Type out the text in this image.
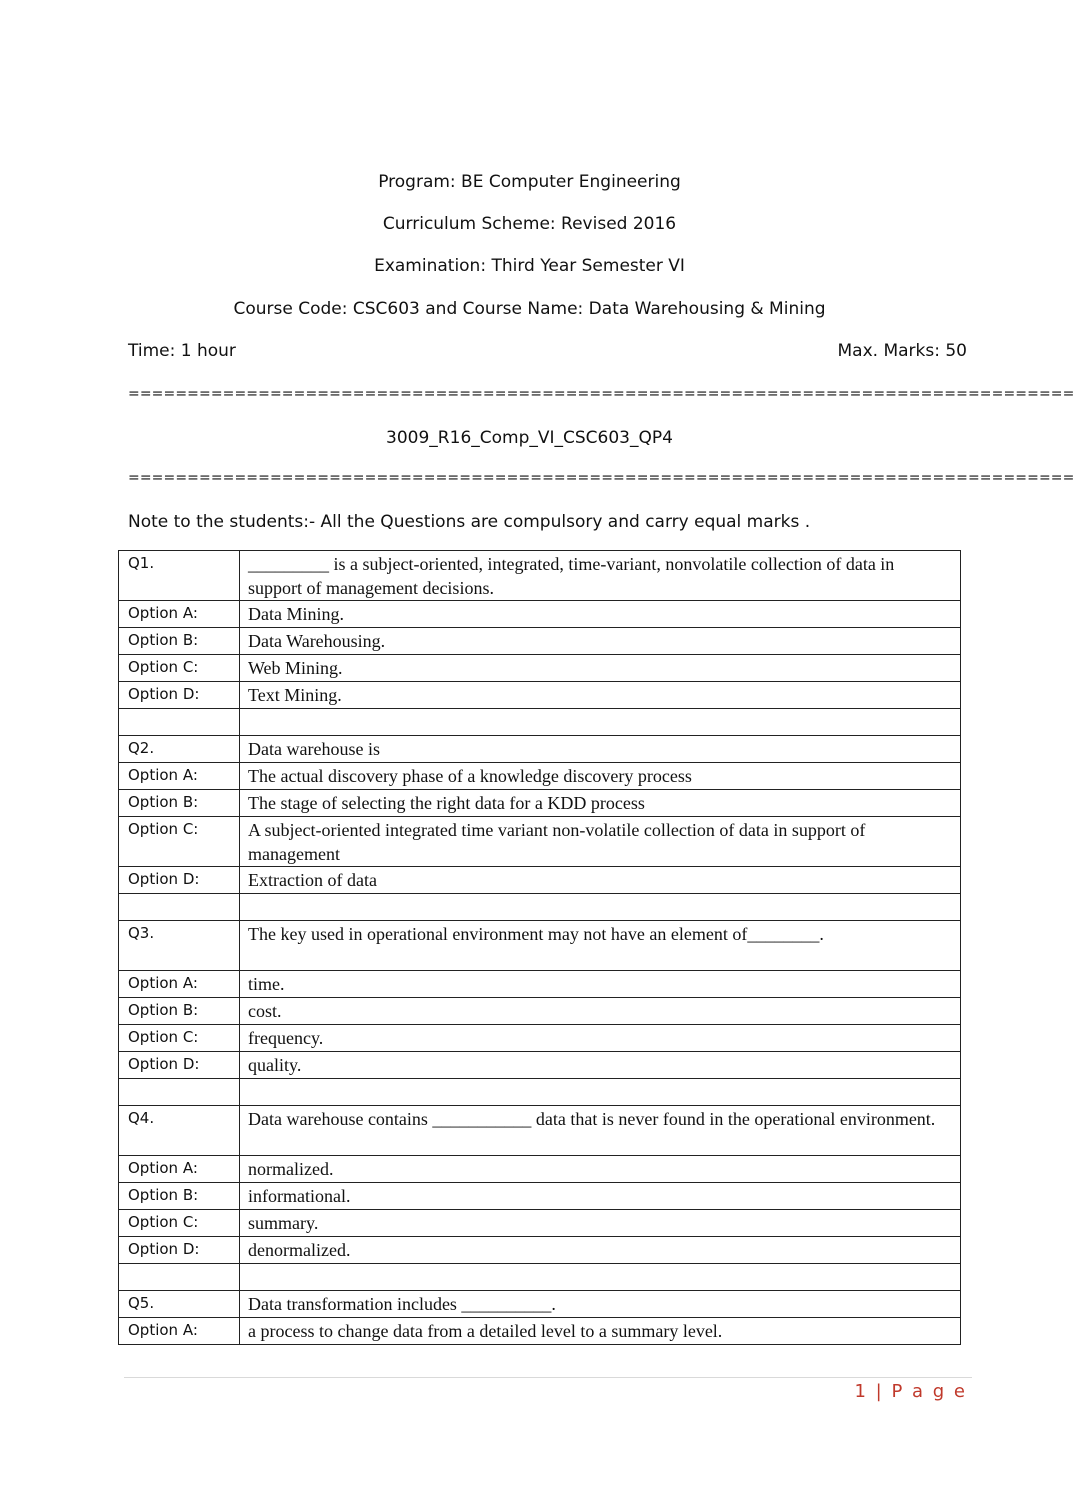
Program: BE Computer Engineering
Curriculum Scheme: Revised 2016
Examination: Third Year Semester VI
Course Code: CSC603 and Course Name: Data Warehousing & Mining
Time: 1 hour	Max. Marks: 50
================================================================================
3009_R16_Comp_VI_CSC603_QP4
================================================================================
Note to the students:- All the Questions are compulsory and carry equal marks .
Q1.	_________ is a subject-oriented, integrated, time-variant, nonvolatile collection of data in support of management decisions.
Option A:	Data Mining.
Option B:	Data Warehousing.
Option C:	Web Mining.
Option D:	Text Mining.

Q2.	Data warehouse is
Option A:	The actual discovery phase of a knowledge discovery process
Option B:	The stage of selecting the right data for a KDD process
Option C:	A subject-oriented integrated time variant non-volatile collection of data in support of management
Option D:	Extraction of data

Q3.	The key used in operational environment may not have an element of________.
Option A:	time.
Option B:	cost.
Option C:	frequency.
Option D:	quality.

Q4.	Data warehouse contains ___________ data that is never found in the operational environment.
Option A:	normalized.
Option B:	informational.
Option C:	summary.
Option D:	denormalized.

Q5.	Data transformation includes __________.
Option A:	a process to change data from a detailed level to a summary level.
1 | P a g e
